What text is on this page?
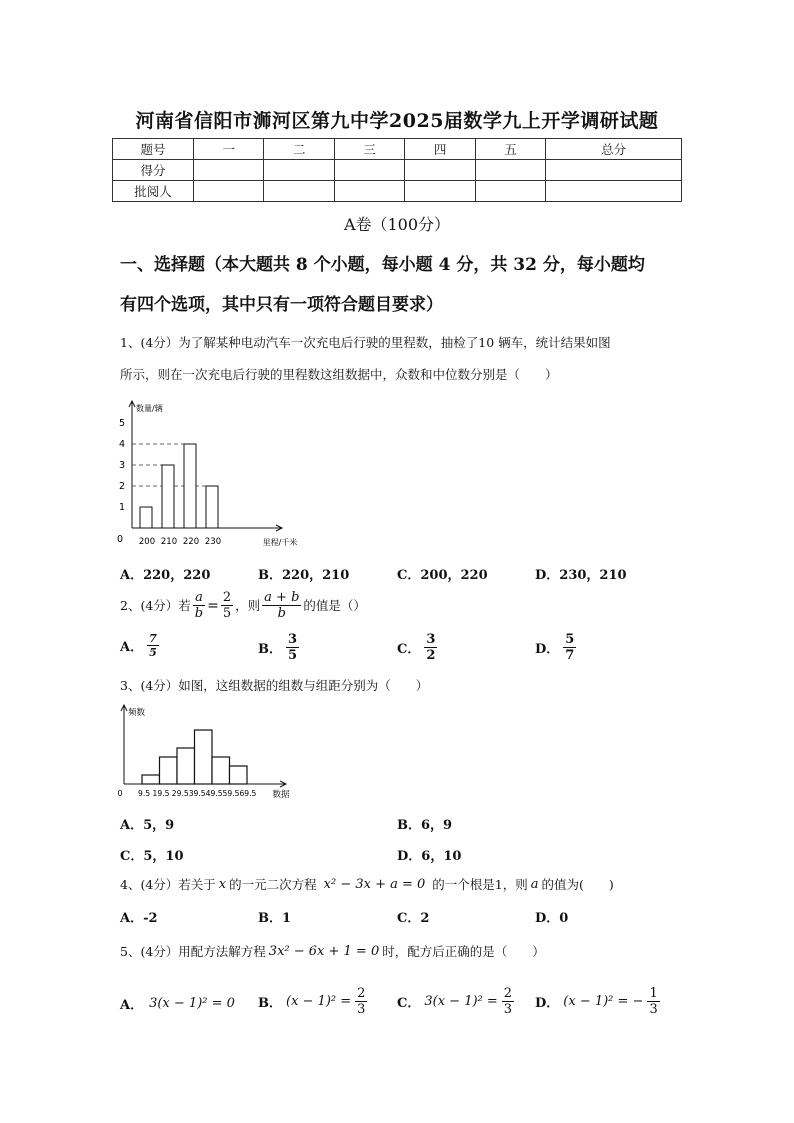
河南省信阳市浉河区第九中学2025届数学九上开学调研试题
题号	一	二	三	四	五	总分
得分						
批阅人						
A卷（100分）
一、选择题（本大题共 8 个小题，每小题 4 分，共 32 分，每小题均
有四个选项，其中只有一项符合题目要求）
1、(4分）为了解某种电动汽车一次充电后行驶的里程数，抽检了10 辆车，统计结果如图
所示，则在一次充电后行驶的里程数这组数据中，众数和中位数分别是（　　）
数量/辆
里程/千米
0
1
2
3
4
5
200 210 220 230
A．220，220	B．220，210	C．200，220	D．230，210
2、(4分）若 $\frac{a}{b} = \frac{2}{5}$ ，则 $\frac{a + b}{b}$ 的值是（）
A． $\frac{7}{5}$	B． $\frac{3}{5}$	C． $\frac{3}{2}$	D． $\frac{5}{7}$
3、(4分）如图，这组数据的组数与组距分别为（　　）
频数
数据
0 9.5 19.5 29.539.549.559.569.5
A．5，9	B．6，9
C．5，10	D．6，10
4、(4分）若关于 x 的一元二次方程 x² − 3x + a = 0 的一个根是1，则 a 的值为(　　)
A．-2	B．1	C．2	D．0
5、(4分）用配方法解方程 3x² − 6x + 1 = 0 时，配方后正确的是（　　）
A． 3(x − 1)² = 0 B． $(x - 1)^2 = \frac{2}{3}$ C． $3(x - 1)^2 = \frac{2}{3}$ D． (x − 1)² = − $\frac{1}{3}$
